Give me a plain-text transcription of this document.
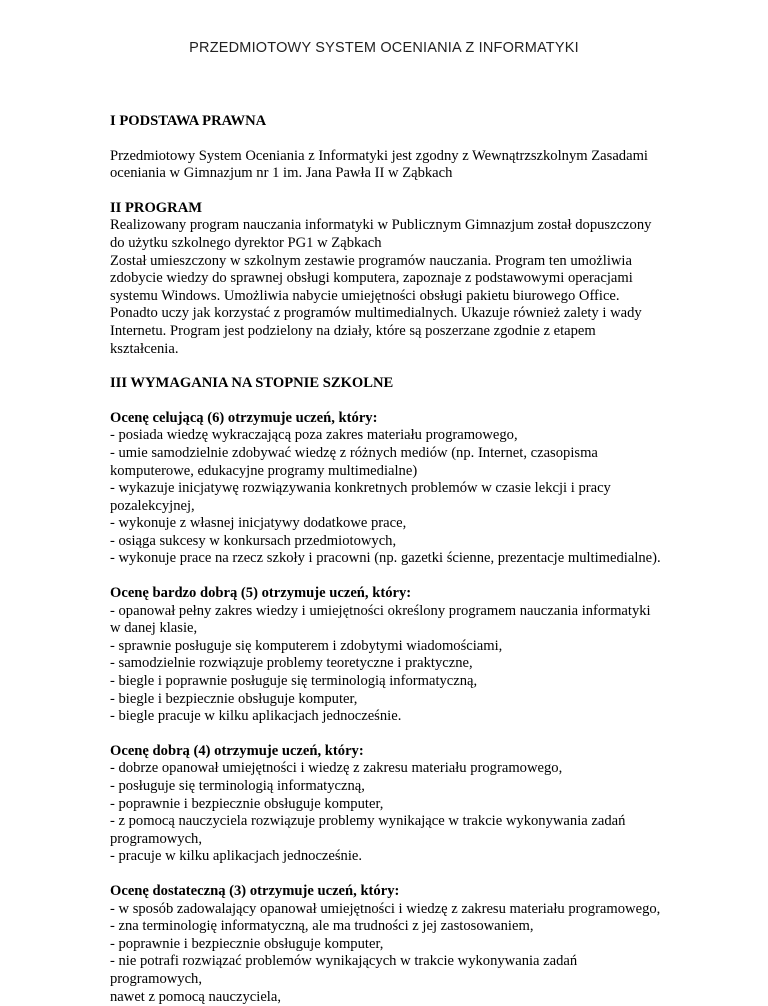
PRZEDMIOTOWY SYSTEM OCENIANIA Z INFORMATYKI
I PODSTAWA PRAWNA
Przedmiotowy System Oceniania z Informatyki jest zgodny z Wewnątrzszkolnym Zasadami
oceniania w Gimnazjum nr 1 im. Jana Pawła II w Ząbkach
II PROGRAM
Realizowany program nauczania informatyki w Publicznym Gimnazjum został dopuszczony
do użytku szkolnego dyrektor PG1 w Ząbkach
Został umieszczony w szkolnym zestawie programów nauczania. Program ten umożliwia
zdobycie wiedzy do sprawnej obsługi komputera, zapoznaje z podstawowymi operacjami
systemu Windows. Umożliwia nabycie umiejętności obsługi pakietu biurowego Office.
Ponadto uczy jak korzystać z programów multimedialnych. Ukazuje również zalety i wady
Internetu. Program jest podzielony na działy, które są poszerzane zgodnie z etapem
kształcenia.
III WYMAGANIA NA STOPNIE SZKOLNE
Ocenę celującą (6) otrzymuje uczeń, który:
- posiada wiedzę wykraczającą poza zakres materiału programowego,
- umie samodzielnie zdobywać wiedzę z różnych mediów (np. Internet, czasopisma
komputerowe, edukacyjne programy multimedialne)
- wykazuje inicjatywę rozwiązywania konkretnych problemów w czasie lekcji i pracy
pozalekcyjnej,
- wykonuje z własnej inicjatywy dodatkowe prace,
- osiąga sukcesy w konkursach przedmiotowych,
- wykonuje prace na rzecz szkoły i pracowni (np. gazetki ścienne, prezentacje multimedialne).
Ocenę bardzo dobrą (5) otrzymuje uczeń, który:
- opanował pełny zakres wiedzy i umiejętności określony programem nauczania informatyki
w danej klasie,
- sprawnie posługuje się komputerem i zdobytymi wiadomościami,
- samodzielnie rozwiązuje problemy teoretyczne i praktyczne,
- biegle i poprawnie posługuje się terminologią informatyczną,
- biegle i bezpiecznie obsługuje komputer,
- biegle pracuje w kilku aplikacjach jednocześnie.
Ocenę dobrą (4) otrzymuje uczeń, który:
- dobrze opanował umiejętności i wiedzę z zakresu materiału programowego,
- posługuje się terminologią informatyczną,
- poprawnie i bezpiecznie obsługuje komputer,
- z pomocą nauczyciela rozwiązuje problemy wynikające w trakcie wykonywania zadań
programowych,
- pracuje w kilku aplikacjach jednocześnie.
Ocenę dostateczną (3) otrzymuje uczeń, który:
- w sposób zadowalający opanował umiejętności i wiedzę z zakresu materiału programowego,
- zna terminologię informatyczną, ale ma trudności z jej zastosowaniem,
- poprawnie i bezpiecznie obsługuje komputer,
- nie potrafi rozwiązać problemów wynikających w trakcie wykonywania zadań
programowych,
nawet z pomocą nauczyciela,
